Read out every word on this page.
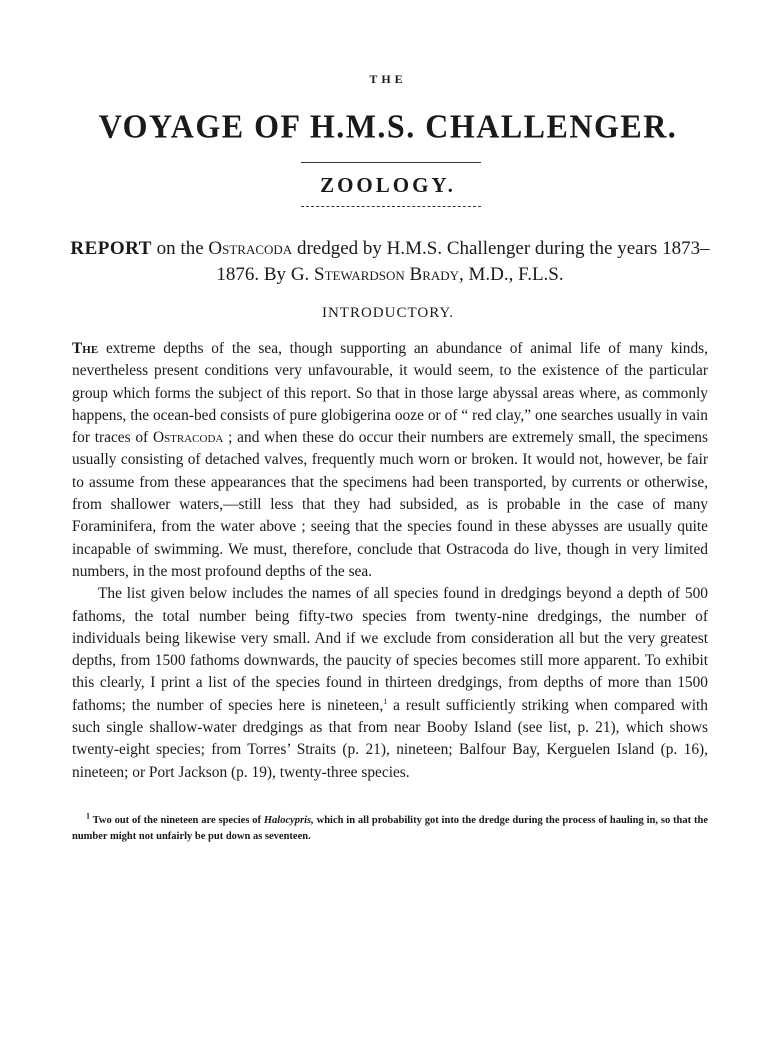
THE
VOYAGE OF H.M.S. CHALLENGER.
ZOOLOGY.
REPORT on the Ostracoda dredged by H.M.S. Challenger during the years 1873–1876. By G. Stewardson Brady, M.D., F.L.S.
INTRODUCTORY.

The extreme depths of the sea, though supporting an abundance of animal life of many kinds, nevertheless present conditions very unfavourable, it would seem, to the existence of the particular group which forms the subject of this report. So that in those large abyssal areas where, as commonly happens, the ocean-bed consists of pure globigerina ooze or of “ red clay,” one searches usually in vain for traces of Ostracoda ; and when these do occur their numbers are extremely small, the specimens usually consisting of detached valves, frequently much worn or broken. It would not, however, be fair to assume from these appearances that the specimens had been transported, by currents or otherwise, from shallower waters,—still less that they had subsided, as is probable in the case of many Foraminifera, from the water above ; seeing that the species found in these abysses are usually quite incapable of swimming. We must, therefore, conclude that Ostracoda do live, though in very limited numbers, in the most profound depths of the sea.

The list given below includes the names of all species found in dredgings beyond a depth of 500 fathoms, the total number being fifty-two species from twenty-nine dredgings, the number of individuals being likewise very small. And if we exclude from consideration all but the very greatest depths, from 1500 fathoms downwards, the paucity of species becomes still more apparent. To exhibit this clearly, I print a list of the species found in thirteen dredgings, from depths of more than 1500 fathoms; the number of species here is nineteen,$^1$ a result sufficiently striking when compared with such single shallow-water dredgings as that from near Booby Island (see list, p. 21), which shows twenty-eight species; from Torres’ Straits (p. 21), nineteen; Balfour Bay, Kerguelen Island (p. 16), nineteen; or Port Jackson (p. 19), twenty-three species.

$^1$ Two out of the nineteen are species of Halocypris, which in all probability got into the dredge during the process of hauling in, so that the number might not unfairly be put down as seventeen.
